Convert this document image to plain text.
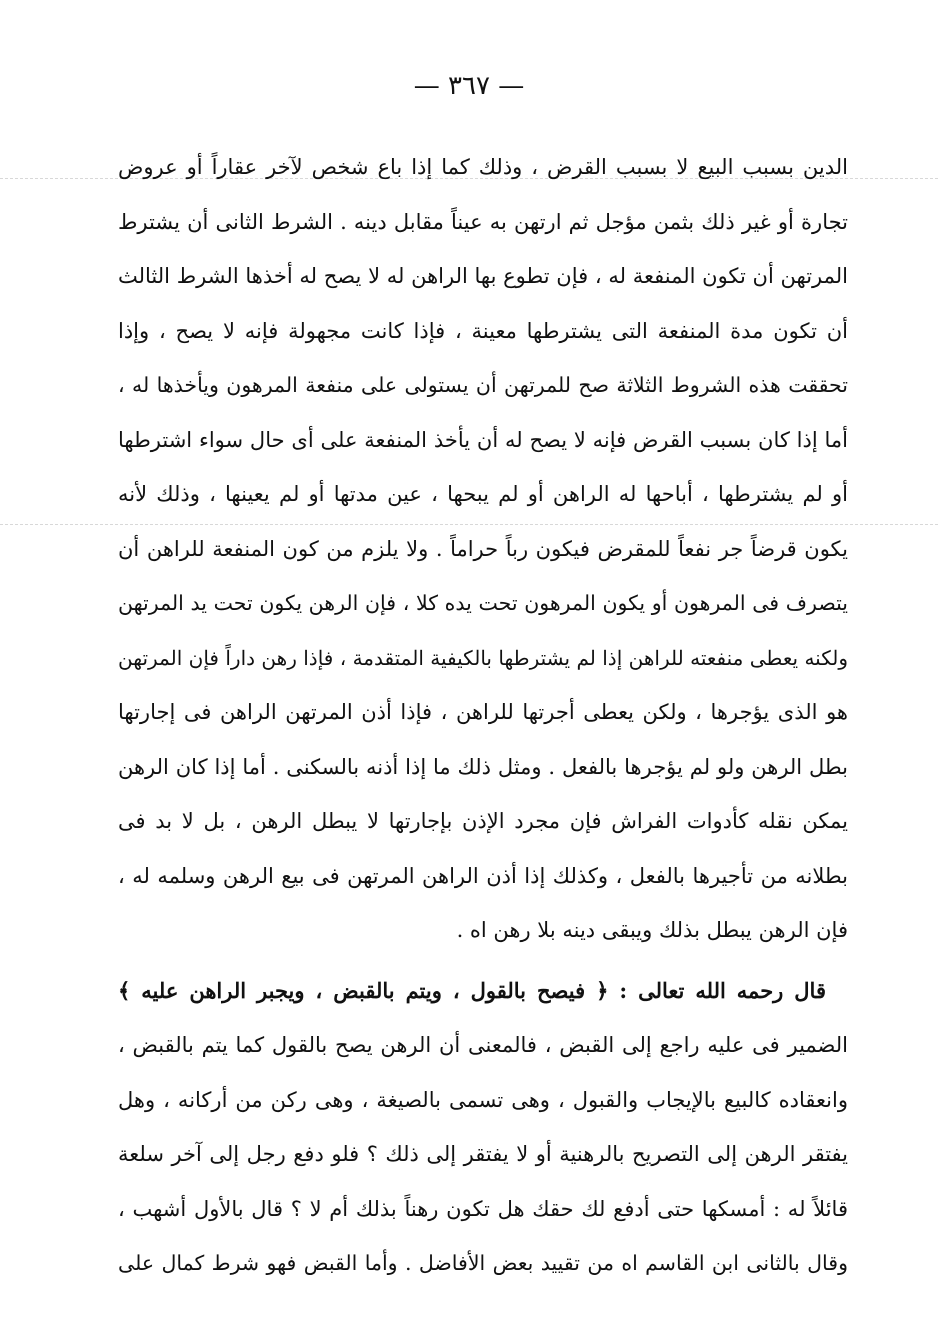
— ٣٦٧ —
الدين بسبب البيع لا بسبب القرض ، وذلك كما إذا باع شخص لآخر عقاراً أو عروض
تجارة أو غير ذلك بثمن مؤجل ثم ارتهن به عيناً مقابل دينه . الشرط الثانى أن يشترط
المرتهن أن تكون المنفعة له ، فإن تطوع بها الراهن له لا يصح له أخذها الشرط الثالث
أن تكون مدة المنفعة التى يشترطها معينة ، فإذا كانت مجهولة فإنه لا يصح ، وإذا
تحققت هذه الشروط الثلاثة صح للمرتهن أن يستولى على منفعة المرهون ويأخذها له ،
أما إذا كان بسبب القرض فإنه لا يصح له أن يأخذ المنفعة على أى حال سواء اشترطها
أو لم يشترطها ، أباحها له الراهن أو لم يبحها ، عين مدتها أو لم يعينها ، وذلك لأنه
يكون قرضاً جر نفعاً للمقرض فيكون رباً حراماً . ولا يلزم من كون المنفعة للراهن أن
يتصرف فى المرهون أو يكون المرهون تحت يده كلا ، فإن الرهن يكون تحت يد المرتهن
ولكنه يعطى منفعته للراهن إذا لم يشترطها بالكيفية المتقدمة ، فإذا رهن داراً فإن المرتهن
هو الذى يؤجرها ، ولكن يعطى أجرتها للراهن ، فإذا أذن المرتهن الراهن فى إجارتها
بطل الرهن ولو لم يؤجرها بالفعل . ومثل ذلك ما إذا أذنه بالسكنى . أما إذا كان الرهن
يمكن نقله كأدوات الفراش فإن مجرد الإذن بإجارتها لا يبطل الرهن ، بل لا بد فى
بطلانه من تأجيرها بالفعل ، وكذلك إذا أذن الراهن المرتهن فى بيع الرهن وسلمه له ،
فإن الرهن يبطل بذلك ويبقى دينه بلا رهن اه .
قال رحمه الله تعالى : ﴿ فيصح بالقول ، ويتم بالقبض ، ويجبر الراهن عليه ﴾
الضمير فى عليه راجع إلى القبض ، فالمعنى أن الرهن يصح بالقول كما يتم بالقبض ،
وانعقاده كالبيع بالإيجاب والقبول ، وهى تسمى بالصيغة ، وهى ركن من أركانه ، وهل
يفتقر الرهن إلى التصريح بالرهنية أو لا يفتقر إلى ذلك ؟ فلو دفع رجل إلى آخر سلعة
قائلاً له : أمسكها حتى أدفع لك حقك هل تكون رهناً بذلك أم لا ؟ قال بالأول أشهب ،
وقال بالثانى ابن القاسم اه من تقييد بعض الأفاضل . وأما القبض فهو شرط كمال على
